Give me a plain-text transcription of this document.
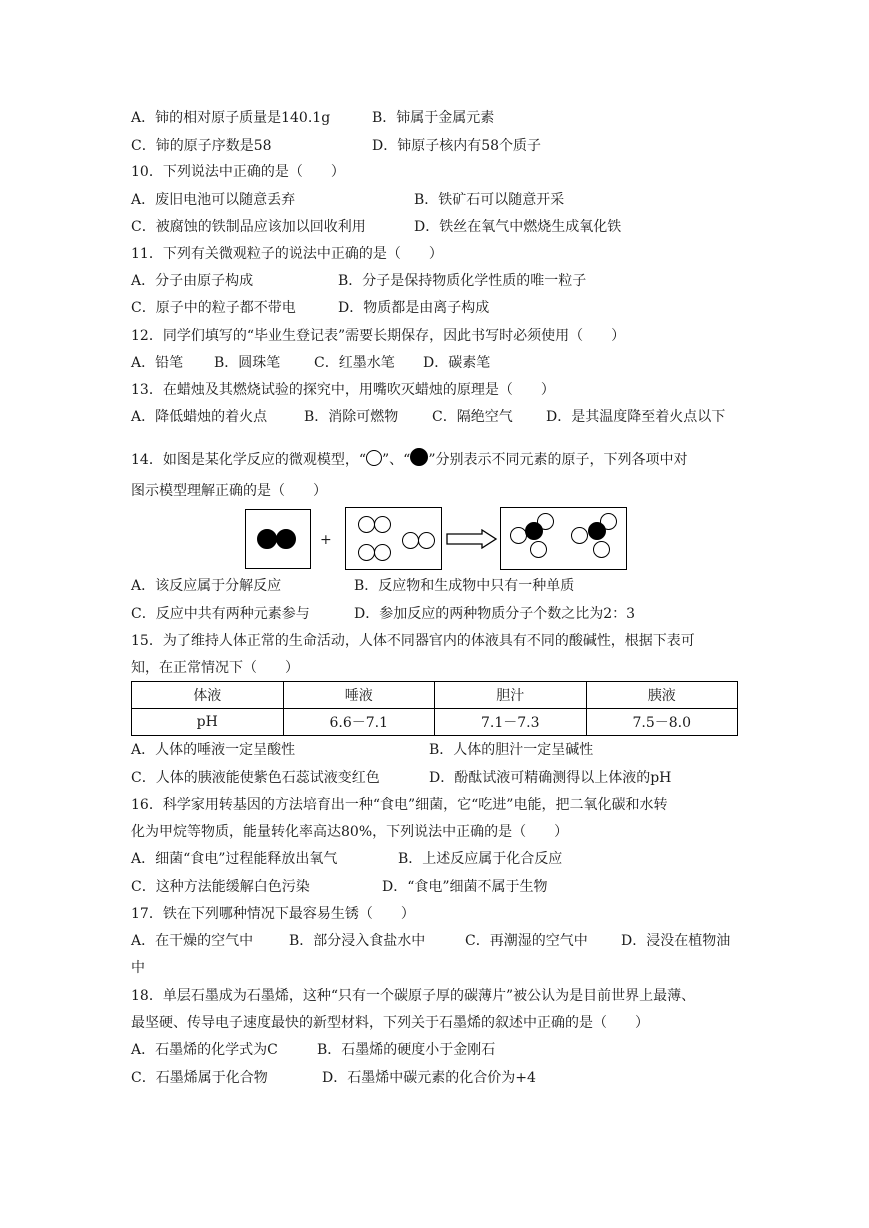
A．铈的相对原子质量是140.1g	B．铈属于金属元素
C．铈的原子序数是58	D．铈原子核内有58个质子
10．下列说法中正确的是（　　）
A．废旧电池可以随意丢弃	B．铁矿石可以随意开采
C．被腐蚀的铁制品应该加以回收利用	D．铁丝在氧气中燃烧生成氧化铁
11．下列有关微观粒子的说法中正确的是（　　）
A．分子由原子构成	B．分子是保持物质化学性质的唯一粒子
C．原子中的粒子都不带电	D．物质都是由离子构成
12．同学们填写的“毕业生登记表”需要长期保存，因此书写时必须使用（　　）
A．铅笔 B．圆珠笔 C．红墨水笔 D．碳素笔
13．在蜡烛及其燃烧试验的探究中，用嘴吹灭蜡烛的原理是（　　）
A．降低蜡烛的着火点	B．消除可燃物 C．隔绝空气 D．是其温度降至着火点以下
14．如图是某化学反应的微观模型，“ ”、“ ”分别表示不同元素的原子，下列各项中对
图示模型理解正确的是（　　）
+
A．该反应属于分解反应	B．反应物和生成物中只有一种单质
C．反应中共有两种元素参与	D．参加反应的两种物质分子个数之比为2：3
15．为了维持人体正常的生命活动，人体不同器官内的体液具有不同的酸碱性，根据下表可
知，在正常情况下（　　）
体液	唾液	胆汁	胰液
pH	6.6－7.1	7.1－7.3	7.5－8.0
A．人体的唾液一定呈酸性	B．人体的胆汁一定呈碱性
C．人体的胰液能使紫色石蕊试液变红色	D．酚酞试液可精确测得以上体液的pH
16．科学家用转基因的方法培育出一种“食电”细菌，它“吃进”电能，把二氧化碳和水转
化为甲烷等物质，能量转化率高达80%，下列说法中正确的是（　　）
A．细菌“食电”过程能释放出氧气	B．上述反应属于化合反应
C．这种方法能缓解白色污染	D．“食电”细菌不属于生物
17．铁在下列哪种情况下最容易生锈（　　）
A．在干燥的空气中	B．部分浸入食盐水中	C．再潮湿的空气中 D．浸没在植物油
中
18．单层石墨成为石墨烯，这种“只有一个碳原子厚的碳薄片”被公认为是目前世界上最薄、
最坚硬、传导电子速度最快的新型材料，下列关于石墨烯的叙述中正确的是（　　）
A．石墨烯的化学式为C	B．石墨烯的硬度小于金刚石
C．石墨烯属于化合物	D．石墨烯中碳元素的化合价为+4
